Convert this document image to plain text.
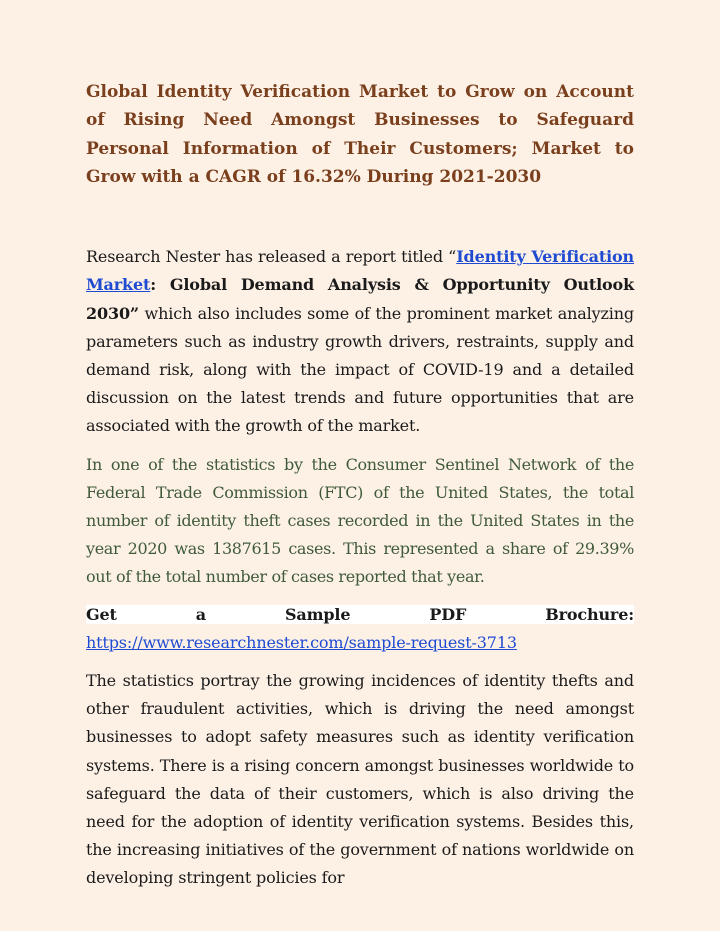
Global Identity Verification Market to Grow on Account of Rising Need Amongst Businesses to Safeguard Personal Information of Their Customers; Market to Grow with a CAGR of 16.32% During 2021-2030

Research Nester has released a report titled “Identity Verification Market: Global Demand Analysis & Opportunity Outlook 2030” which also includes some of the prominent market analyzing parameters such as industry growth drivers, restraints, supply and demand risk, along with the impact of COVID-19 and a detailed discussion on the latest trends and future opportunities that are associated with the growth of the market.

In one of the statistics by the Consumer Sentinel Network of the Federal Trade Commission (FTC) of the United States, the total number of identity theft cases recorded in the United States in the year 2020 was 1387615 cases. This represented a share of 29.39% out of the total number of cases reported that year.

Get a Sample PDF Brochure: https://www.researchnester.com/sample-request-3713

The statistics portray the growing incidences of identity thefts and other fraudulent activities, which is driving the need amongst businesses to adopt safety measures such as identity verification systems. There is a rising concern amongst businesses worldwide to safeguard the data of their customers, which is also driving the need for the adoption of identity verification systems. Besides this, the increasing initiatives of the government of nations worldwide on developing stringent policies for
